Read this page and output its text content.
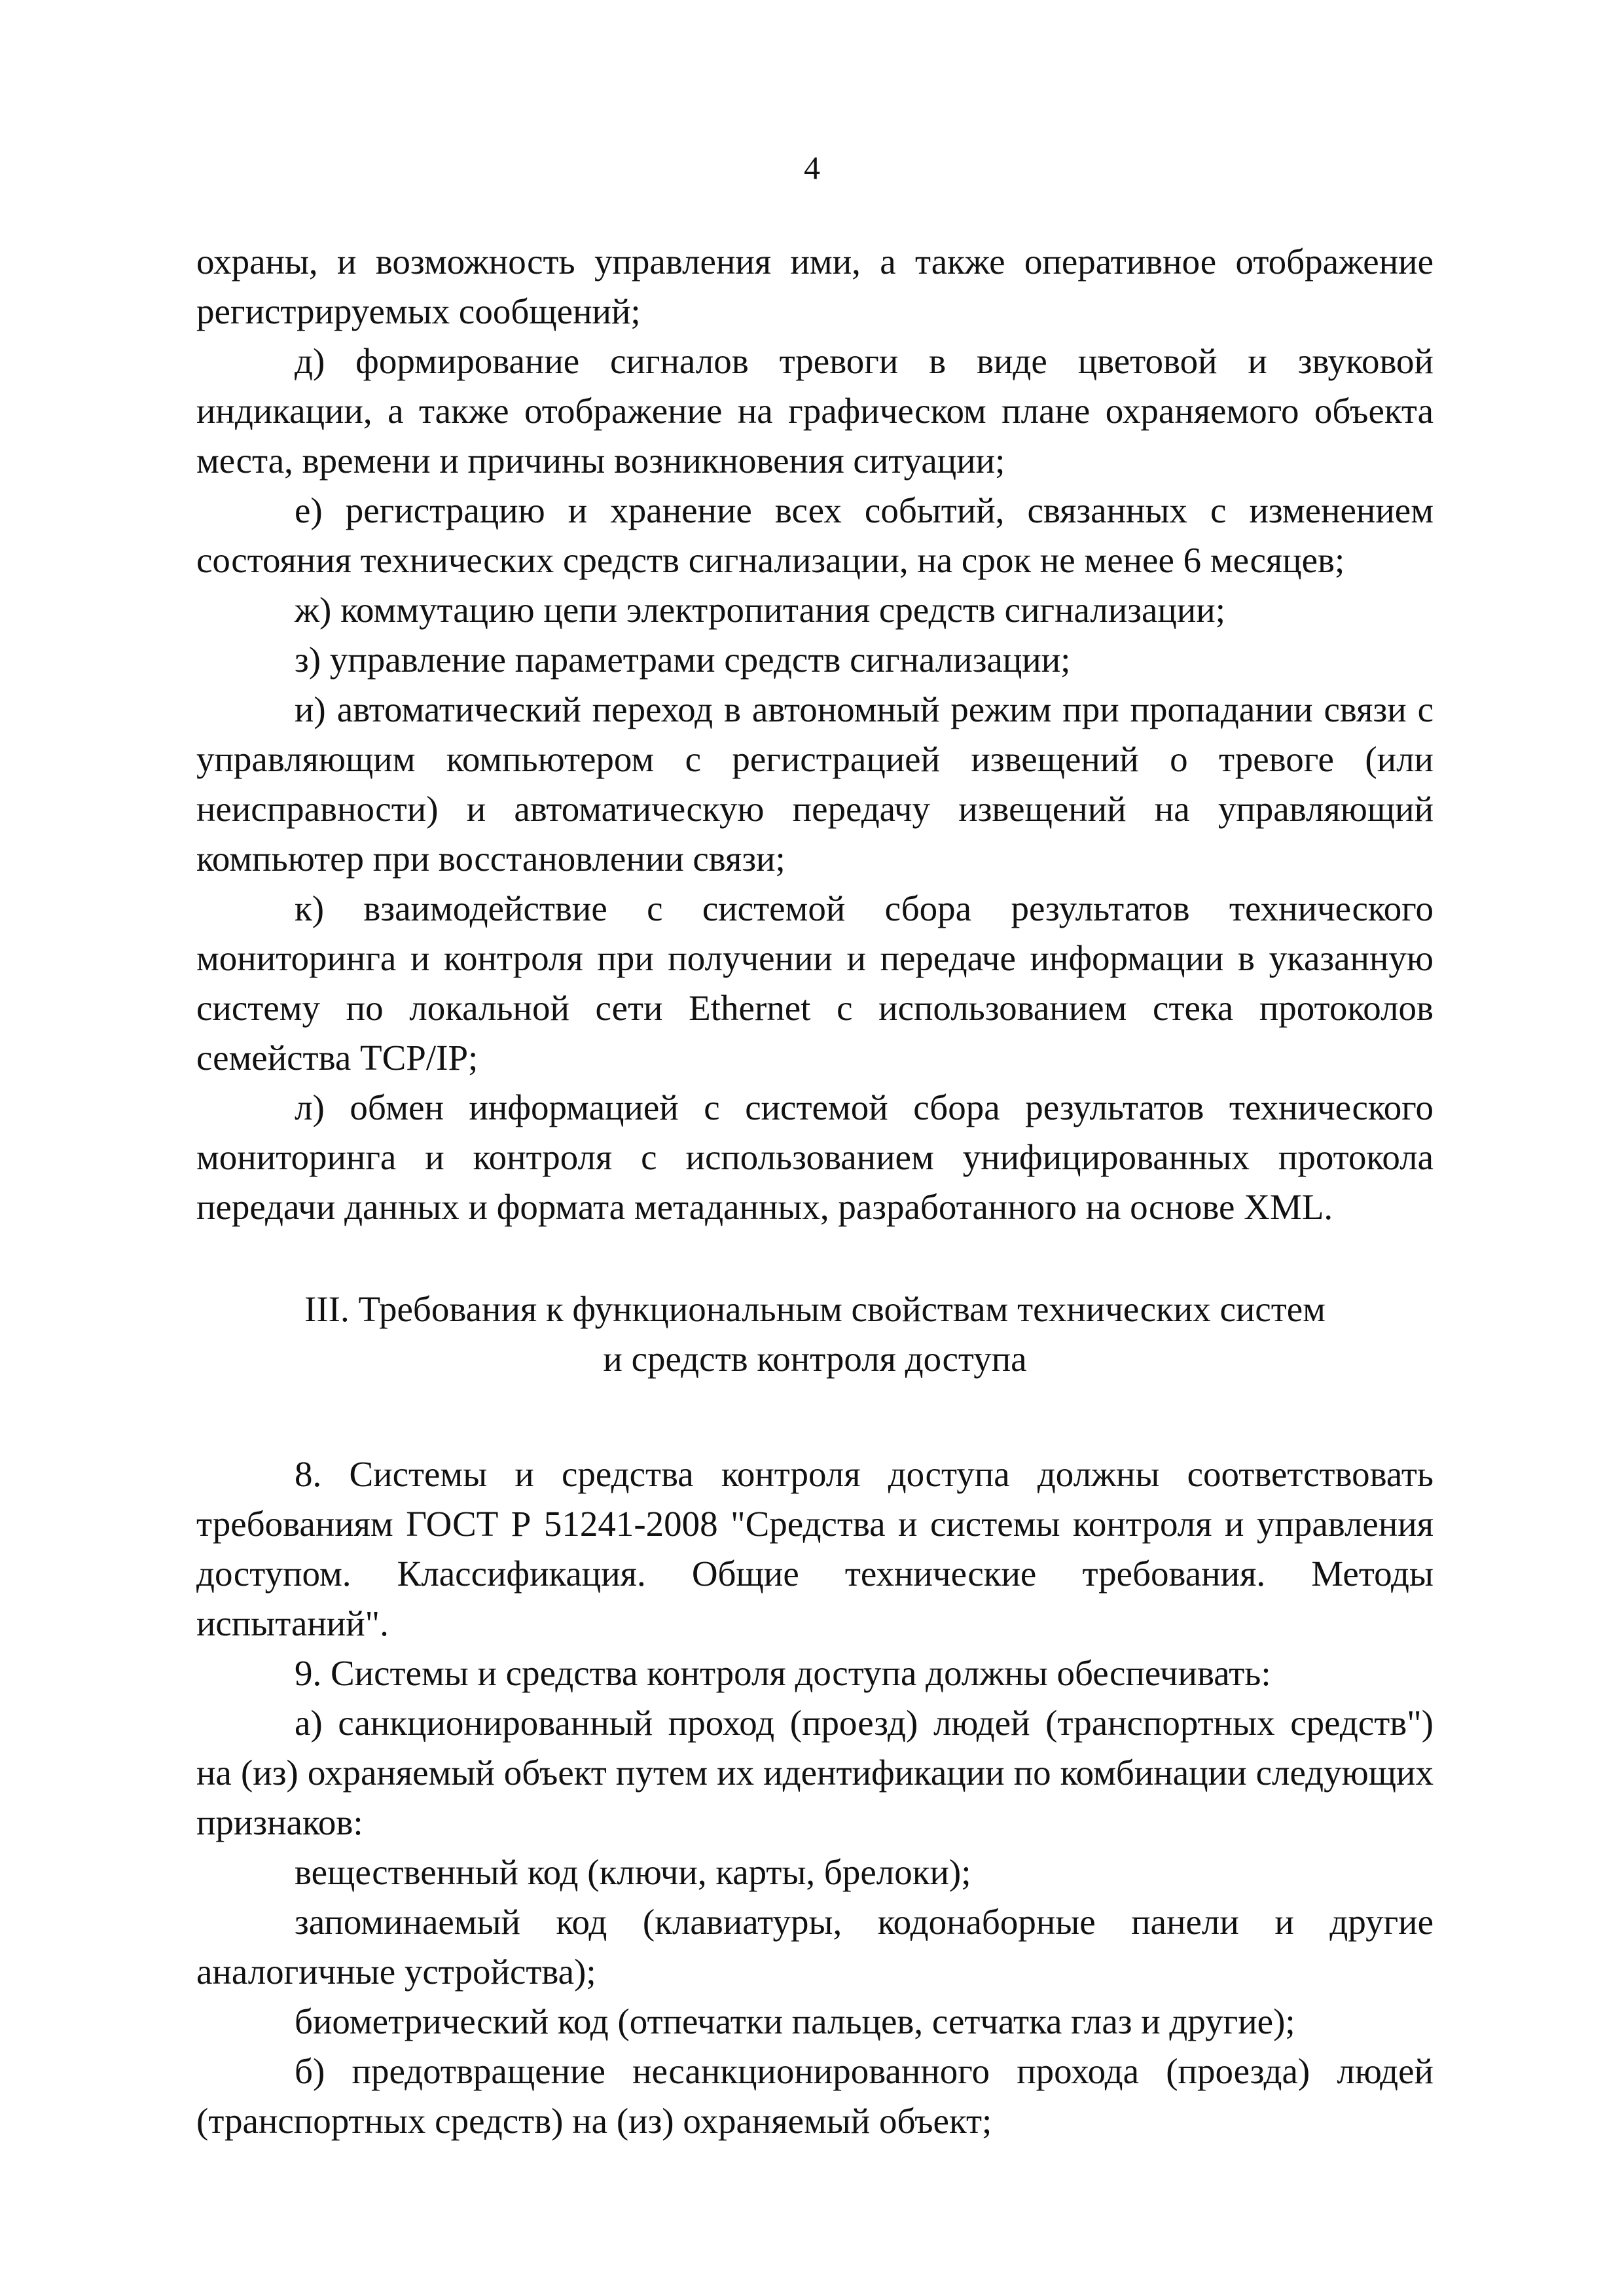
4

охраны, и возможность управления ими, а также оперативное отображение регистрируемых сообщений;

д) формирование сигналов тревоги в виде цветовой и звуковой индикации, а также отображение на графическом плане охраняемого объекта места, времени и причины возникновения ситуации;

е) регистрацию и хранение всех событий, связанных с изменением состояния технических средств сигнализации, на срок не менее 6 месяцев;

ж) коммутацию цепи электропитания средств сигнализации;

з) управление параметрами средств сигнализации;

и) автоматический переход в автономный режим при пропадании связи с управляющим компьютером с регистрацией извещений о тревоге (или неисправности) и автоматическую передачу извещений на управляющий компьютер при восстановлении связи;

к) взаимодействие с системой сбора результатов технического мониторинга и контроля при получении и передаче информации в указанную систему по локальной сети Ethernet с использованием стека протоколов семейства TCP/IP;

л) обмен информацией с системой сбора результатов технического мониторинга и контроля с использованием унифицированных протокола передачи данных и формата метаданных, разработанного на основе XML.

III. Требования к функциональным свойствам технических систем
и средств контроля доступа

8. Системы и средства контроля доступа должны соответствовать требованиям ГОСТ Р 51241-2008 "Средства и системы контроля и управления доступом. Классификация. Общие технические требования. Методы испытаний".

9. Системы и средства контроля доступа должны обеспечивать:

а) санкционированный проход (проезд) людей (транспортных средств") на (из) охраняемый объект путем их идентификации по комбинации следующих признаков:

вещественный код (ключи, карты, брелоки);

запоминаемый код (клавиатуры, кодонаборные панели и другие аналогичные устройства);

биометрический код (отпечатки пальцев, сетчатка глаз и другие);

б) предотвращение несанкционированного прохода (проезда) людей (транспортных средств) на (из) охраняемый объект;
